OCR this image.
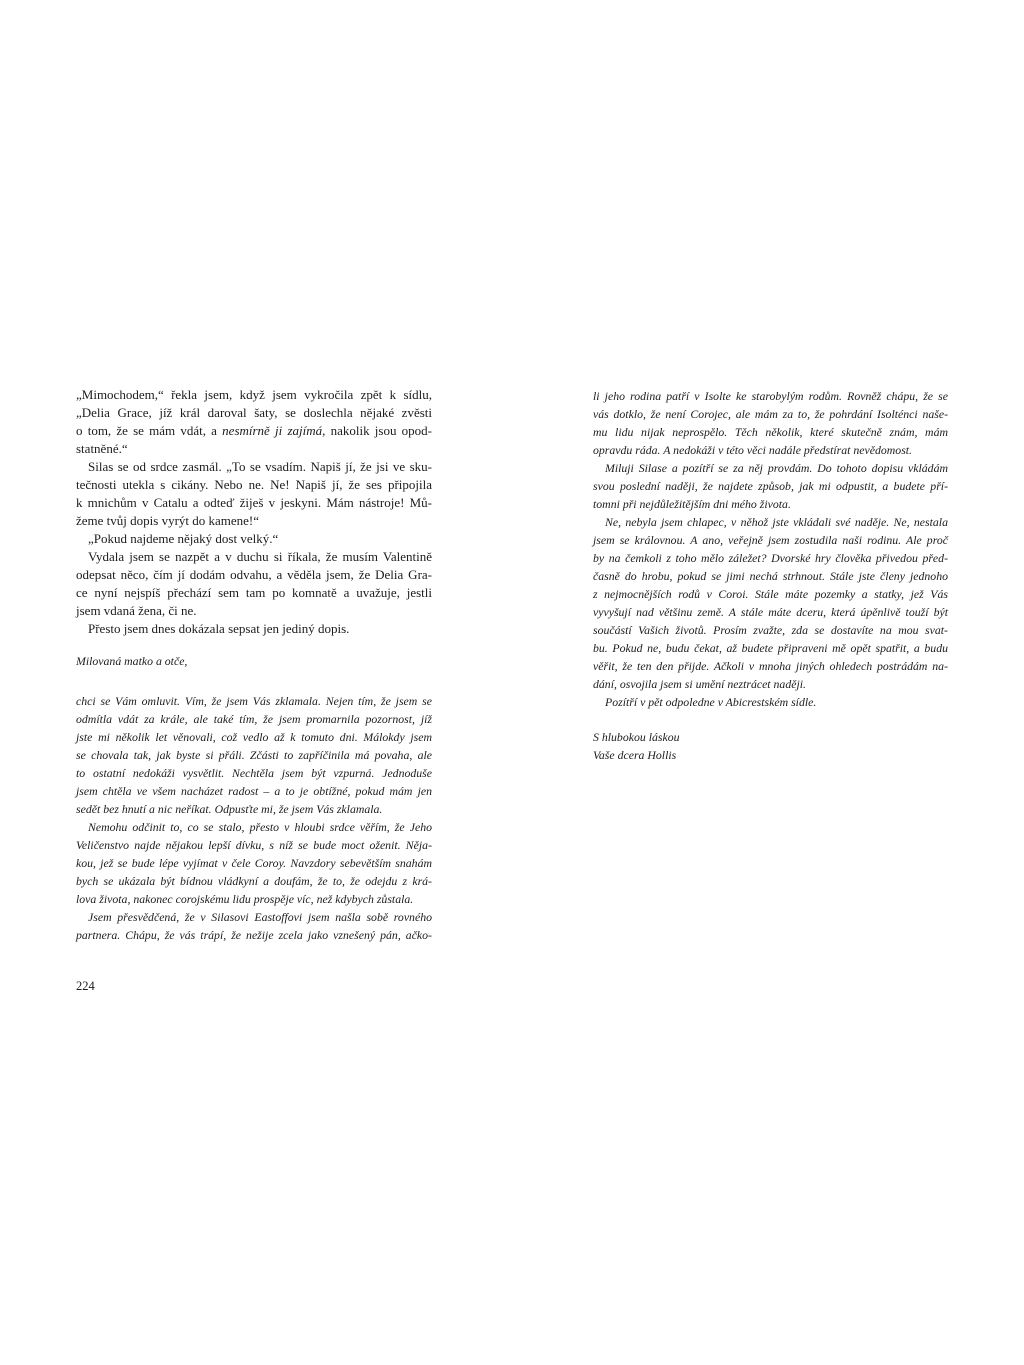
„Mimochodem,“ řekla jsem, když jsem vykročila zpět k sídlu,
„Delia Grace, jíž král daroval šaty, se doslechla nějaké zvěsti
o tom, že se mám vdát, a nesmírně ji zajímá, nakolik jsou opod-
statněné.“
Silas se od srdce zasmál. „To se vsadím. Napiš jí, že jsi ve sku-
tečnosti utekla s cikány. Nebo ne. Ne! Napiš jí, že ses připojila
k mnichům v Catalu a odteď žiješ v jeskyni. Mám nástroje! Mů-
žeme tvůj dopis vyrýt do kamene!“
„Pokud najdeme nějaký dost velký.“
Vydala jsem se nazpět a v duchu si říkala, že musím Valentině
odepsat něco, čím jí dodám odvahu, a věděla jsem, že Delia Gra-
ce nyní nejspíš přechází sem tam po komnatě a uvažuje, jestli
jsem vdaná žena, či ne.
Přesto jsem dnes dokázala sepsat jen jediný dopis.
Milovaná matko a otče,
chci se Vám omluvit. Vím, že jsem Vás zklamala. Nejen tím, že jsem se
odmítla vdát za krále, ale také tím, že jsem promarnila pozornost, jíž
jste mi několik let věnovali, což vedlo až k tomuto dni. Málokdy jsem
se chovala tak, jak byste si přáli. Zčásti to zapříčinila má povaha, ale
to ostatní nedokáži vysvětlit. Nechtěla jsem být vzpurná. Jednoduše
jsem chtěla ve všem nacházet radost – a to je obtížné, pokud mám jen
sedět bez hnutí a nic neříkat. Odpusťte mi, že jsem Vás zklamala.
Nemohu odčinit to, co se stalo, přesto v hloubi srdce věřím, že Jeho
Veličenstvo najde nějakou lepší dívku, s níž se bude moct oženit. Něja-
kou, jež se bude lépe vyjímat v čele Coroy. Navzdory sebevětším snahám
bych se ukázala být bídnou vládkyní a doufám, že to, že odejdu z krá-
lova života, nakonec corojskému lidu prospěje víc, než kdybych zůstala.
Jsem přesvědčená, že v Silasovi Eastoffovi jsem našla sobě rovného
partnera. Chápu, že vás trápí, že nežije zcela jako vznešený pán, ačko-
224
li jeho rodina patří v Isolte ke starobylým rodům. Rovněž chápu, že se
vás dotklo, že není Corojec, ale mám za to, že pohrdání Isolténci naše-
mu lidu nijak neprospělo. Těch několik, které skutečně znám, mám
opravdu ráda. A nedokáži v této věci nadále předstírat nevědomost.
Miluji Silase a pozítří se za něj provdám. Do tohoto dopisu vkládám
svou poslední naději, že najdete způsob, jak mi odpustit, a budete pří-
tomni při nejdůležitějším dni mého života.
Ne, nebyla jsem chlapec, v něhož jste vkládali své naděje. Ne, nestala
jsem se královnou. A ano, veřejně jsem zostudila naši rodinu. Ale proč
by na čemkoli z toho mělo záležet? Dvorské hry člověka přivedou před-
časně do hrobu, pokud se jimi nechá strhnout. Stále jste členy jednoho
z nejmocnějších rodů v Coroi. Stále máte pozemky a statky, jež Vás
vyvyšují nad většinu země. A stále máte dceru, která úpěnlivě touží být
součástí Vašich životů. Prosím zvažte, zda se dostavíte na mou svat-
bu. Pokud ne, budu čekat, až budete připraveni mě opět spatřit, a budu
věřit, že ten den přijde. Ačkoli v mnoha jiných ohledech postrádám na-
dání, osvojila jsem si umění neztrácet naději.
Pozítří v pět odpoledne v Abicrestském sídle.
S hlubokou láskou
Vaše dcera Hollis
